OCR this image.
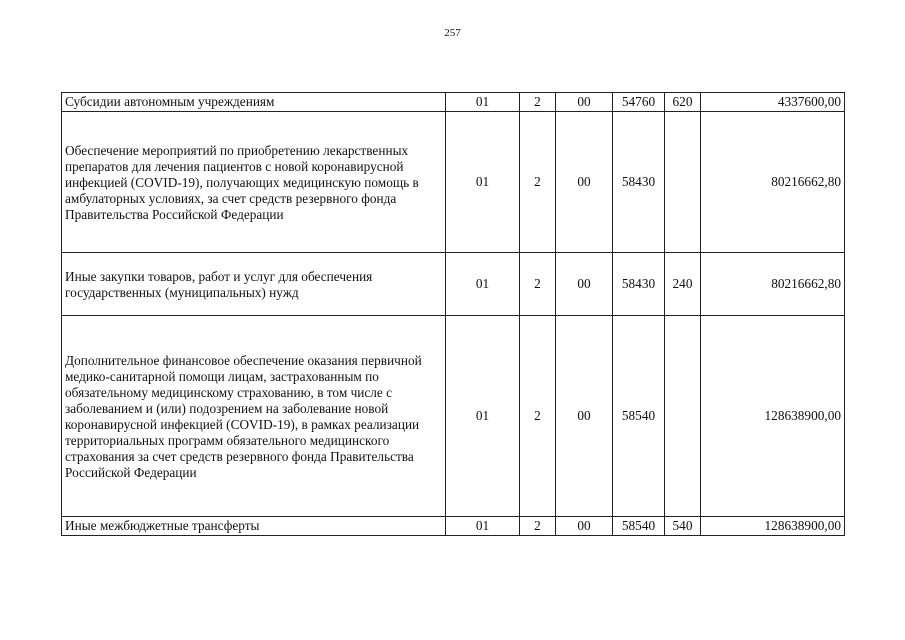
257
Субсидии автономным учреждениям	01	2	00	54760	620	4337600,00
Обеспечение мероприятий по приобретению лекарственных препаратов для лечения пациентов с новой коронавирусной инфекцией (COVID-19), получающих медицинскую помощь в амбулаторных условиях, за счет средств резервного фонда Правительства Российской Федерации	01	2	00	58430		80216662,80
Иные закупки товаров, работ и услуг для обеспечения государственных (муниципальных) нужд	01	2	00	58430	240	80216662,80
Дополнительное финансовое обеспечение оказания первичной медико-санитарной помощи лицам, застрахованным по обязательному медицинскому страхованию, в том числе с заболеванием и (или) подозрением на заболевание новой коронавирусной инфекцией (COVID-19), в рамках реализации территориальных программ обязательного медицинского страхования за счет средств резервного фонда Правительства Российской Федерации	01	2	00	58540		128638900,00
Иные межбюджетные трансферты	01	2	00	58540	540	128638900,00
